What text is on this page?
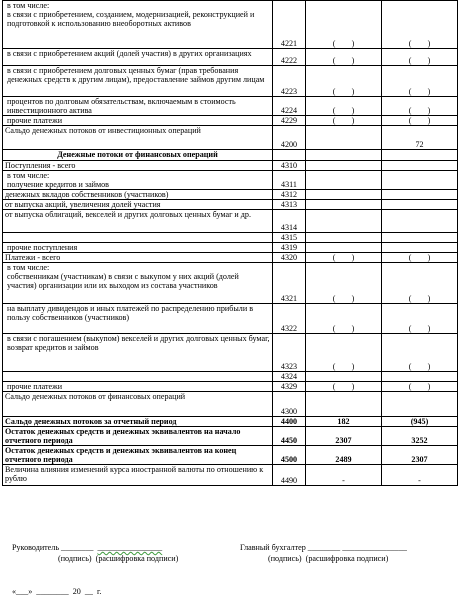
в том числе:
в связи с приобретением, созданием, модернизацией, реконструкцией и подготовкой к использованию внеоборотных активов	4221	(        )	(        )
в связи с приобретением акций (долей участия) в других организациях	4222	(        )	(        )
в связи с приобретением долговых ценных бумаг (прав требования денежных средств к другим лицам), предоставление займов другим лицам	4223	(        )	(        )
процентов по долговым обязательствам, включаемым в стоимость инвестиционного актива	4224	(        )	(        )
прочие платежи	4229	(        )	(        )
Сальдо денежных потоков от инвестиционных операций	4200		72
Денежные потоки от финансовых операций			
Поступления - всего	4310		
в том числе:
получение кредитов и займов	4311		
денежных вкладов собственников (участников)	4312		
от выпуска акций, увеличения долей участия	4313		
от выпуска облигаций, векселей и других долговых ценных бумаг и др.	4314		
	4315		
прочие поступления	4319		
Платежи - всего	4320	(        )	(        )
в том числе:
собственникам (участникам) в связи с выкупом у них акций (долей участия) организации или их выходом из состава участников	4321	(        )	(        )
на выплату дивидендов и иных платежей по распределению прибыли в пользу собственников (участников)	4322	(        )	(        )
в связи с погашением (выкупом) векселей и других долговых ценных бумаг, возврат кредитов и займов	4323	(        )	(        )
	4324		
прочие платежи	4329	(        )	(        )
Сальдо денежных потоков от финансовых операций	4300		
Сальдо денежных потоков за отчетный период	4400	182	(945)
Остаток денежных средств и денежных эквивалентов на начало отчетного периода	4450	2307	3252
Остаток денежных средств и денежных эквивалентов на конец отчетного периода	4500	2489	2307
Величина влияния изменений курса иностранной валюты по отношению к рублю	4490	-	-
Руководитель ________  ________________	Главный бухгалтер ________ ________________
(подпись)  (расшифровка подписи)	(подпись)  (расшифровка подписи)
«___»  ________  20  __  г.
